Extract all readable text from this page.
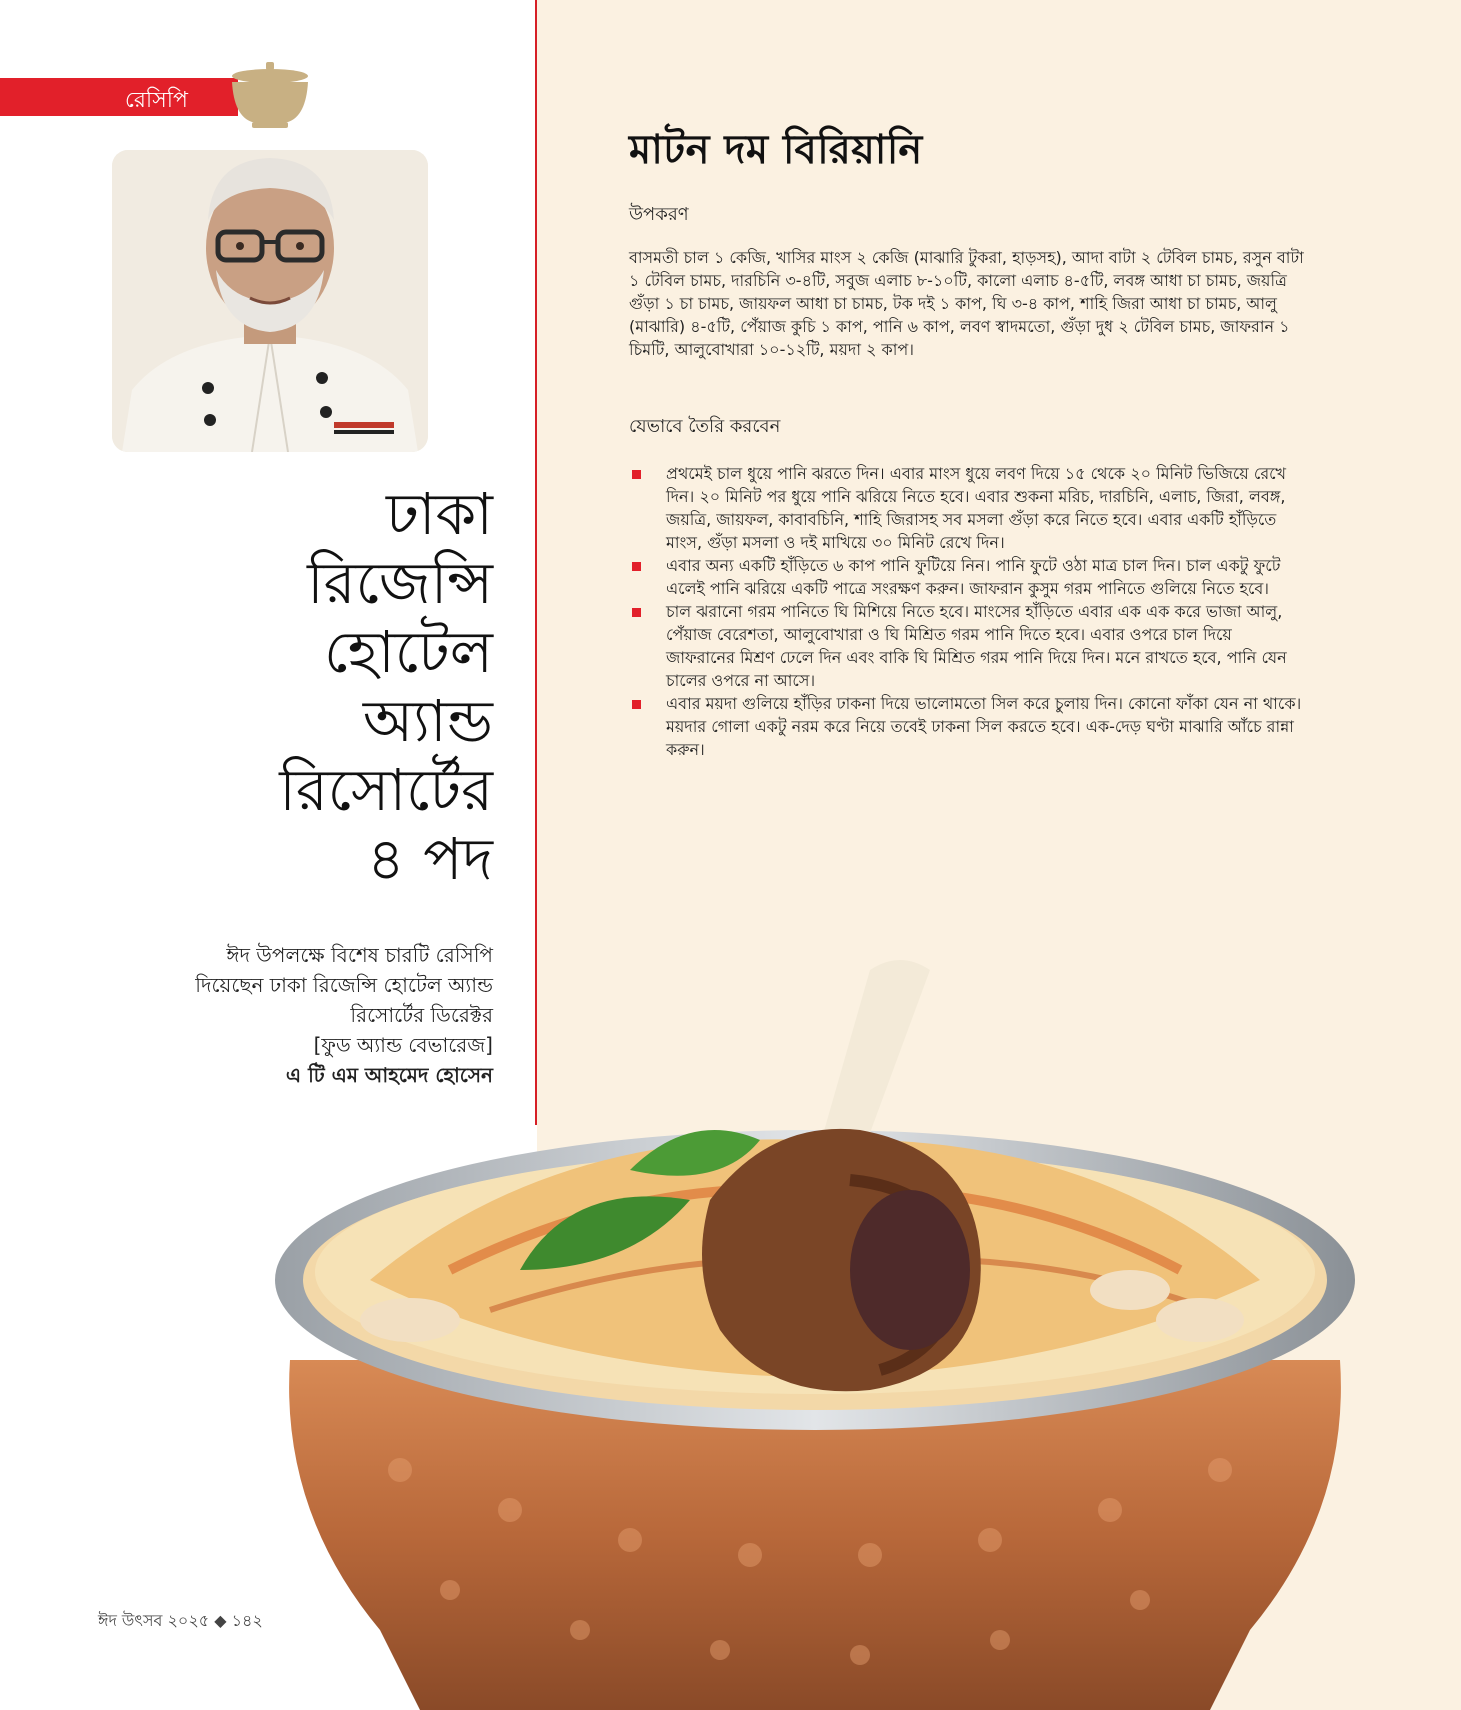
রেসিপি
ঢাকা
রিজেন্সি
হোটেল
অ্যান্ড
রিসোর্টের
৪ পদ
ঈদ উপলক্ষে বিশেষ চারটি রেসিপি
দিয়েছেন ঢাকা রিজেন্সি হোটেল অ্যান্ড
রিসোর্টের ডিরেক্টর
[ফুড অ্যান্ড বেভারেজ]
এ টি এম আহমেদ হোসেন
মাটন দম বিরিয়ানি
উপকরণ
বাসমতী চাল ১ কেজি, খাসির মাংস ২ কেজি (মাঝারি টুকরা, হাড়সহ), আদা বাটা ২ টেবিল চামচ, রসুন বাটা ১ টেবিল চামচ, দারচিনি ৩-৪টি, সবুজ এলাচ ৮-১০টি, কালো এলাচ ৪-৫টি, লবঙ্গ আধা চা চামচ, জয়ত্রি গুঁড়া ১ চা চামচ, জায়ফল আধা চা চামচ, টক দই ১ কাপ, ঘি ৩-৪ কাপ, শাহি জিরা আধা চা চামচ, আলু (মাঝারি) ৪-৫টি, পেঁয়াজ কুচি ১ কাপ, পানি ৬ কাপ, লবণ স্বাদমতো, গুঁড়া দুধ ২ টেবিল চামচ, জাফরান ১ চিমটি, আলুবোখারা ১০-১২টি, ময়দা ২ কাপ।
যেভাবে তৈরি করবেন
প্রথমেই চাল ধুয়ে পানি ঝরতে দিন। এবার মাংস ধুয়ে লবণ দিয়ে ১৫ থেকে ২০ মিনিট ভিজিয়ে রেখে দিন। ২০ মিনিট পর ধুয়ে পানি ঝরিয়ে নিতে হবে। এবার শুকনা মরিচ, দারচিনি, এলাচ, জিরা, লবঙ্গ, জয়ত্রি, জায়ফল, কাবাবচিনি, শাহি জিরাসহ সব মসলা গুঁড়া করে নিতে হবে। এবার একটি হাঁড়িতে মাংস, গুঁড়া মসলা ও দই মাখিয়ে ৩০ মিনিট রেখে দিন।
এবার অন্য একটি হাঁড়িতে ৬ কাপ পানি ফুটিয়ে নিন। পানি ফুটে ওঠা মাত্র চাল দিন। চাল একটু ফুটে এলেই পানি ঝরিয়ে একটি পাত্রে সংরক্ষণ করুন। জাফরান কুসুম গরম পানিতে গুলিয়ে নিতে হবে।
চাল ঝরানো গরম পানিতে ঘি মিশিয়ে নিতে হবে। মাংসের হাঁড়িতে এবার এক এক করে ভাজা আলু, পেঁয়াজ বেরেশতা, আলুবোখারা ও ঘি মিশ্রিত গরম পানি দিতে হবে। এবার ওপরে চাল দিয়ে জাফরানের মিশ্রণ ঢেলে দিন এবং বাকি ঘি মিশ্রিত গরম পানি দিয়ে দিন। মনে রাখতে হবে, পানি যেন চালের ওপরে না আসে।
এবার ময়দা গুলিয়ে হাঁড়ির ঢাকনা দিয়ে ভালোমতো সিল করে চুলায় দিন। কোনো ফাঁকা যেন না থাকে। ময়দার গোলা একটু নরম করে নিয়ে তবেই ঢাকনা সিল করতে হবে। এক-দেড় ঘণ্টা মাঝারি আঁচে রান্না করুন।
ঈদ উৎসব ২০২৫ ◆ ১৪২
